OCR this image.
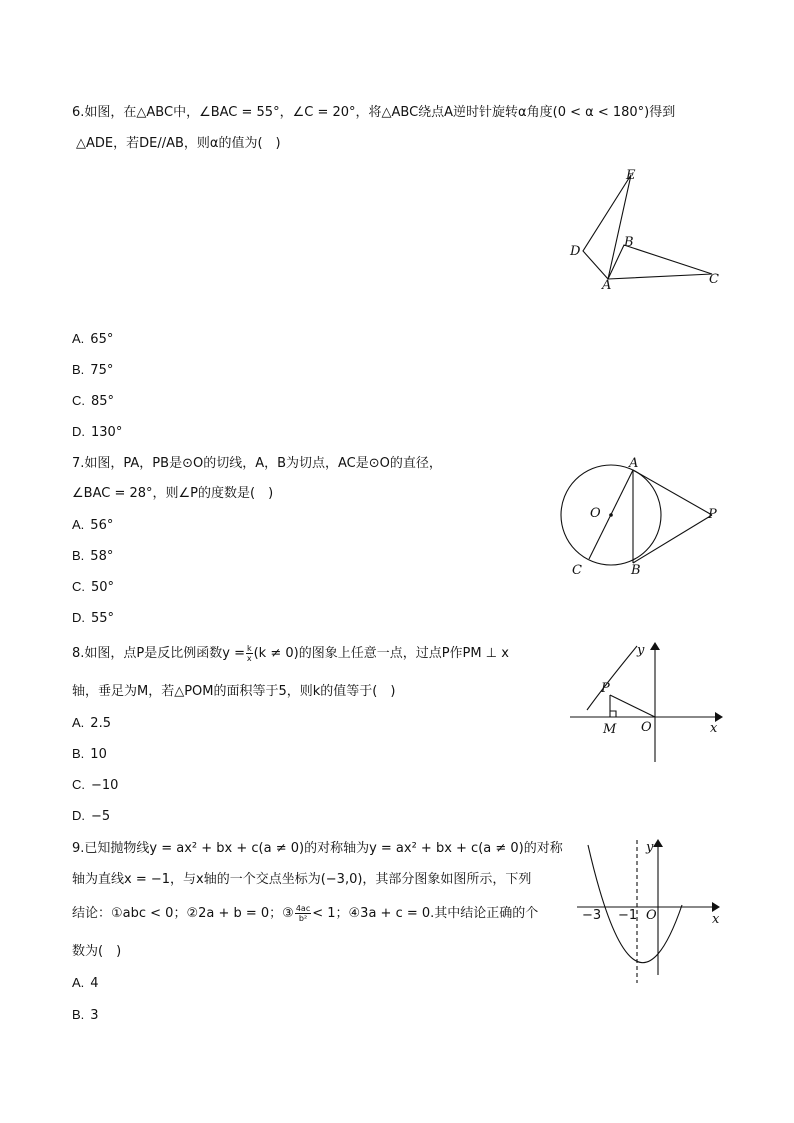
6.如图，在△ABC中，∠BAC = 55°，∠C = 20°，将△ABC绕点A逆时针旋转α角度(0 < α < 180°)得到
△ADE，若DE//AB，则α的值为(　)
E
D
B
A	C
A. 65°
B. 75°
C. 85°
D. 130°
7.如图，PA，PB是⊙O的切线，A，B为切点，AC是⊙O的直径，
∠BAC = 28°，则∠P的度数是(　)
A
O	P
C	B
A. 56°
B. 58°
C. 50°
D. 55°
8.如图，点P是反比例函数$y = \frac{k}{x} (k \ne 0)$的图象上任意一点，过点P作PM ⊥ x
轴，垂足为M，若△POM的面积等于5，则k的值等于(　)
y
P
M O	x
A. 2.5
B. 10
C. −10
D. −5
9.已知抛物线y = ax² + bx + c(a ≠ 0)的对称轴为y = ax² + bx + c(a ≠ 0)的对称
轴为直线x = −1，与x轴的一个交点坐标为(−3,0)，其部分图象如图所示，下列
结论：①abc < 0；②2a + b = 0；③ $\frac{4ac}{\text{b²}} < 1$；④3a + c = 0.其中结论正确的个
数为(　)
y
−3 −1 O	x
A. 4
B. 3
